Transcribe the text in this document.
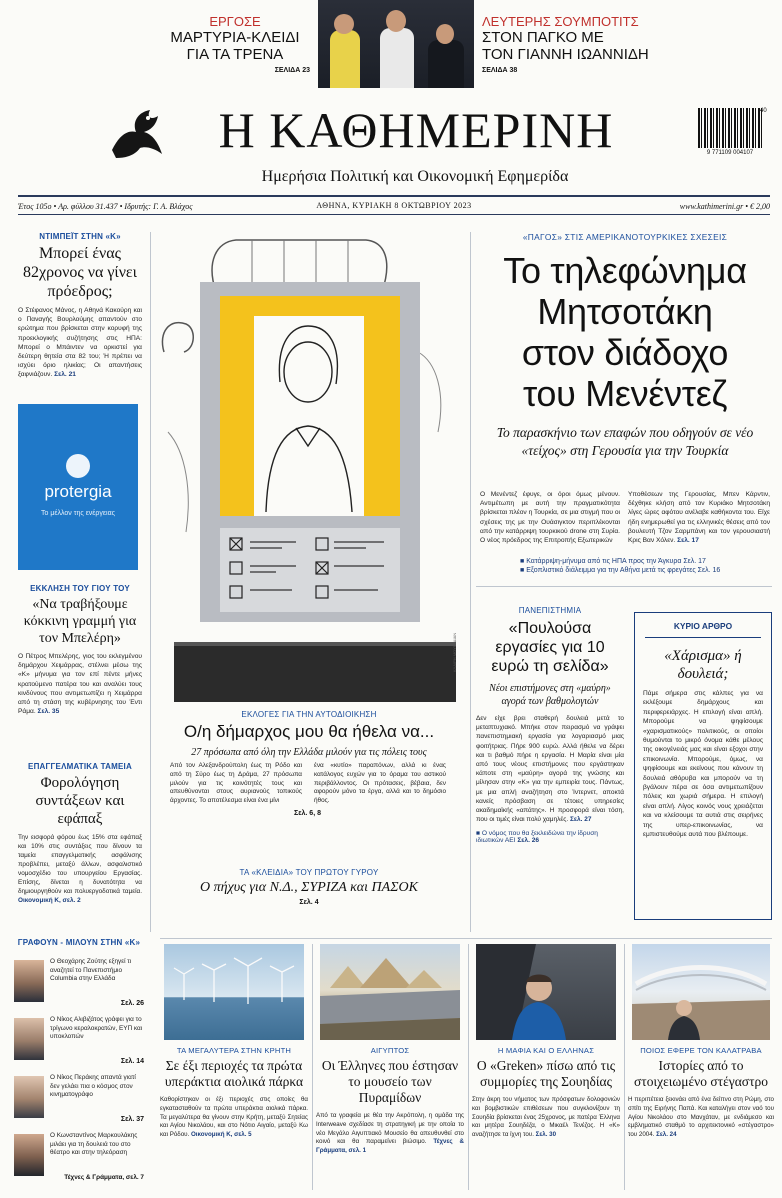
ΕΡΓΟΣΕ
ΜΑΡΤΥΡΙΑ-ΚΛΕΙΔΙ
ΓΙΑ ΤΑ ΤΡΕΝΑ
ΣΕΛΙΔΑ 23
ΛΕΥΤΕΡΗΣ ΣΟΥΜΠΟΤΙΤΣ
ΣΤΟΝ ΠΑΓΚΟ ΜΕ
ΤΟΝ ΓΙΑΝΝΗ ΙΩΑΝΝΙΔΗ
ΣΕΛΙΔΑ 38
Η ΚΑΘΗΜΕΡΙΝΗ
Ημερήσια Πολιτική και Οικονομική Εφημερίδα
40
9 771109 004107
Έτος 105ο • Αρ. φύλλου 31.437 • Ιδρυτής: Γ. Α. Βλάχος	ΑΘΗΝΑ, ΚΥΡΙΑΚΗ 8 ΟΚΤΩΒΡΙΟΥ 2023	www.kathimerini.gr • € 2,00
ΝΤΙΜΠΕΪΤ ΣΤΗΝ «Κ»
Μπορεί ένας 82χρονος να γίνει πρόεδρος;
Ο Στέφανος Μάνος, η Αθηνά Κακούρη και ο Παναγής Βουρλούμης απαντούν στο ερώτημα που βρίσκεται στην κορυφή της προεκλογικής συζήτησης στις ΗΠΑ: Μπορεί ο Μπάιντεν να ορκιστεί για δεύτερη θητεία στα 82 του; Ή πρέπει να ισχύει όριο ηλικίας; Οι απαντήσεις ξαφνιάζουν. Σελ. 21
protergia
Το μέλλον της ενέργειας
ΕΚΚΛΗΣΗ ΤΟΥ ΓΙΟΥ ΤΟΥ
«Να τραβήξουμε κόκκινη γραμμή για τον Μπελέρη»
Ο Πέτρος Μπελέρης, γιος του εκλεγμένου δημάρχου Χειμάρρας, στέλνει μέσω της «Κ» μήνυμα για τον επί πέντε μήνες κρατούμενο πατέρα του και αναλύει τους κινδύνους που αντιμετωπίζει η Χειμάρρα από τη στάση της κυβέρνησης του Έντι Ράμα. Σελ. 35
ΕΠΑΓΓΕΛΜΑΤΙΚΑ ΤΑΜΕΙΑ
Φορολόγηση συντάξεων και εφάπαξ
Την εισφορά φόρου έως 15% στα εφάπαξ και 10% στις συντάξεις που δίνουν τα ταμεία επαγγελματικής ασφάλισης προβλέπει, μεταξύ άλλων, ασφαλιστικό νομοσχέδιο του υπουργείου Εργασίας. Επίσης, δίνεται η δυνατότητα να δημιουργηθούν και πολυεργοδοτικά ταμεία. Οικονομική Κ, σελ. 2
ΓΡΑΦΟΥΝ - ΜΙΛΟΥΝ ΣΤΗΝ «Κ»
Ο Θεοχάρης Ζούτης εξηγεί τι αναζητεί το Πανεπιστήμιο Columbia στην Ελλάδα
Σελ. 26
Ο Νίκος Αλιβιζάτος γράφει για το τρίγωνο κεραλοκρατών, ΕΥΠ και υποκλοπών
Σελ. 14
Ο Νίκος Περάκης απαντά γιατί δεν γελάει πια ο κόσμος στον κινηματογράφο
Σελ. 37
Ο Κωνσταντίνος Μαρκουλάκης μιλάει για τη δουλειά του στο θέατρο και στην τηλεόραση
Τέχνες & Γράμματα, σελ. 7
ΚΛΑΙΡΗ ΜΟΥΡΑΔΙΑΝ
ΕΚΛΟΓΕΣ ΓΙΑ ΤΗΝ ΑΥΤΟΔΙΟΙΚΗΣΗ
Ο/η δήμαρχος μου θα ήθελα να...
27 πρόσωπα από όλη την Ελλάδα μιλούν για τις πόλεις τους
Από τον Αλεξανδρούπολη έως τη Ρόδο και από τη Σύρο έως τη Δράμα, 27 πρόσωπα μιλούν για τις κοινότητές τους και απευθύνονται στους αυριανούς τοπικούς άρχοντες. Το αποτέλεσμα είναι ένα μίνι
ένα «κυτίο» παραπόνων, αλλά κι ένας κατάλογος ευχών για το όραμα του αστικού περιβάλλοντος. Οι πρότασεις, βέβαια, δεν αφορούν μόνο τα έργα, αλλά και το δημόσιο ήθος.
Σελ. 6, 8
ΤΑ «ΚΛΕΙΔΙΑ» ΤΟΥ ΠΡΩΤΟΥ ΓΥΡΟΥ
Ο πήχυς για Ν.Δ., ΣΥΡΙΖΑ και ΠΑΣΟΚ
Σελ. 4
«ΠΑΓΟΣ» ΣΤΙΣ ΑΜΕΡΙΚΑΝΟΤΟΥΡΚΙΚΕΣ ΣΧΕΣΕΙΣ
Το τηλεφώνημα
Μητσοτάκη
στον διάδοχο
του Μενέντεζ
Το παρασκήνιο των επαφών που οδηγούν σε νέο «τείχος» στη Γερουσία για την Τουρκία
Ο Μενέντεζ έφυγε, οι όροι όμως μένουν. Αντιμέτωπη με αυτή την πραγματικότητα βρίσκεται πλέον η Τουρκία, σε μια στιγμή που οι σχέσεις της με την Ουάσιγκτον περιπλέκονται από την κατάρριψη τουρκικού drone στη Συρία. Ο νέος πρόεδρος της Επιτροπής Εξωτερικών
Υποθέσεων της Γερουσίας, Μπεν Κάρντιν, δέχθηκε κλήση από τον Κυριάκο Μητσοτάκη λίγες ώρες αφότου ανέλαβε καθήκοντα του. Είχε ήδη ενημερωθεί για τις ελληνικές θέσεις από τον βουλευτή Τζον Σαρμπάνη και τον γερουσιαστή Κρις Βαν Χόλεν. Σελ. 17
■ Κατάρριψη-μήνυμα από τις ΗΠΑ προς την Άγκυρα Σελ. 17
■ Εξοπλιστικό διάλειμμα για την Αθήνα μετά τις φρεγάτες Σελ. 16
ΠΑΝΕΠΙΣΤΗΜΙΑ
«Πουλούσα εργασίες για 10 ευρώ τη σελίδα»
Νέοι επιστήμονες στη «μαύρη» αγορά των βαθμολογιών
Δεν είχε βρει σταθερή δουλειά μετά το μεταπτυχιακό. Μπήκε στον πειρασμό να γράψει πανεπιστημιακή εργασία για λογαριασμό μιας φοιτήτριας. Πήρε 900 ευρώ. Αλλά ήθελε να δέρει και τι βαθμό πήρε η εργασία. Η Μαρία είναι μία από τους νέους επιστήμονες που εργάστηκαν κάποτε στη «μαύρη» αγορά της γνώσης και μίλησαν στην «Κ» για την εμπειρία τους. Πάντως, με μια απλή αναζήτηση στο Ίντερνετ, αποκτά κανείς πρόσβαση σε τέτοιες υπηρεσίες ακαδημαϊκής «απάτης». Η προσφορά είναι τόση, που οι τιμές είναι πολύ χαμηλές. Σελ. 27
■ Ο νόμος που θα ξεκλειδώνει την ίδρυση ιδιωτικών ΑΕΙ Σελ. 26
ΚΥΡΙΟ ΑΡΘΡΟ
«Χάρισμα» ή δουλειά;
Πάμε σήμερα στις κάλπες για να εκλέξουμε δημάρχους και περιφερειάρχες. Η επιλογή είναι απλή. Μπορούμε να ψηφίσουμε «χαρισματικούς» πολιτικούς, οι οποίοι θυμούνται το μικρό όνομα κάθε μέλους της οικογένειάς μας και είναι εξοχοι στην επικοινωνία. Μπορούμε, όμως, να ψηφίσουμε και εκείνους που κάνουν τη δουλειά αθόρυβα και μπορούν να τη βγάλουν πέρα σε όσα αντιμετωπίζουν πόλεις και χωριά σήμερα. Η επιλογή είναι απλή. Λίγος κοινός νους χρειάζεται και να κλείσουμε τα αυτιά στις σειρήνες της υπερ-επικοινωνίας, να εμπιστευθούμε αυτά που βλέπουμε.
ΤΑ ΜΕΓΑΛΥΤΕΡΑ ΣΤΗΝ ΚΡΗΤΗ
Σε έξι περιοχές τα πρώτα υπεράκτια αιολικά πάρκα
Καθορίστηκαν οι έξι περιοχές στις οποίες θα εγκατασταθούν τα πρώτα υπεράκτια αιολικά πάρκα. Τα μεγαλύτερα θα γίνουν στην Κρήτη, μεταξύ Σητείας και Αγίου Νικολάου, και στο Νότιο Αιγαίο, μεταξύ Κω και Ρόδου. Οικονομική Κ, σελ. 5
ΑΙΓΥΠΤΟΣ
Οι Έλληνες που έστησαν το μουσείο των Πυραμίδων
Από τα γραφεία με θέα την Ακρόπολη, η ομάδα της Interweave σχεδίασε τη στρατηγική με την οποία το νέο Μεγάλο Αιγυπτιακό Μουσείο θα απευθυνθεί στο κοινό και θα παραμείνει βιώσιμο. Τέχνες & Γράμματα, σελ. 1
Η ΜΑΦΙΑ ΚΑΙ Ο ΕΛΛΗΝΑΣ
Ο «Greken» πίσω από τις συμμορίες της Σουηδίας
Στην άκρη του νήματος των πρόσφατων δολοφονιών και βομβιστικών επιθέσεων που συγκλονίζουν τη Σουηδία βρίσκεται ένας 25χρονος, με πατέρα Έλληνα και μητέρα Σουηδέζα, ο Μικαέλ Τενέζος. Η «Κ» αναζήτησε τα ίχνη του. Σελ. 30
ΠΟΙΟΣ ΕΦΕΡΕ ΤΟΝ ΚΑΛΑΤΡΑΒΑ
Ιστορίες από το στοιχειωμένο στέγαστρο
Η περιπέτεια ξεκινάει από ένα δείπνο στη Ρώμη, στο σπίτι της Ειρήνης Παπά. Και καταλήγει στον ναό του Αγίου Νικολάου στο Μανχάταν, με ενδιάμεσο και εμβληματικό σταθμό το αρχιτεκτονικό «στέγαστρο» του 2004. Σελ. 24
